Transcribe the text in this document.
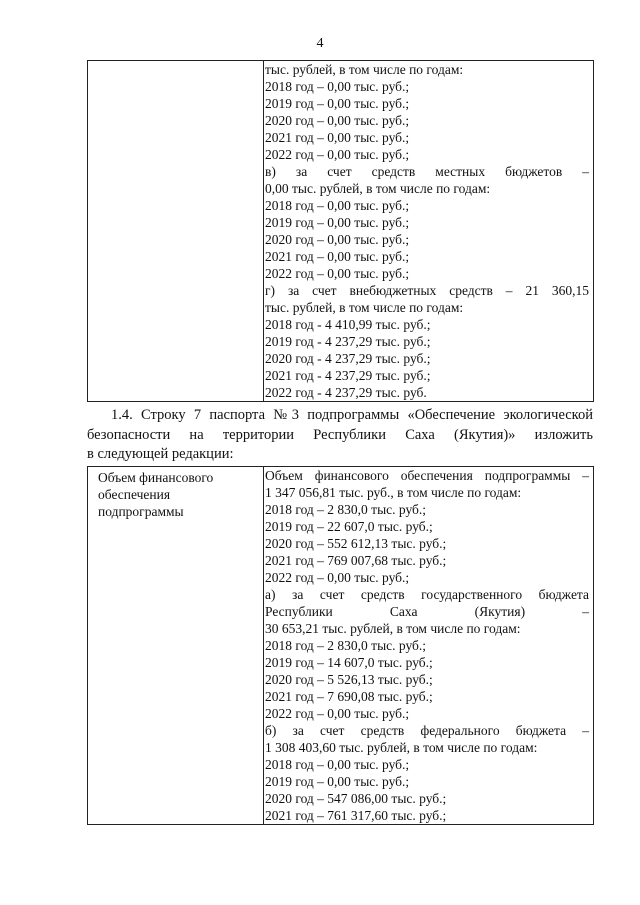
4

тыс. рублей, в том числе по годам:
2018 год – 0,00 тыс. руб.;
2019 год – 0,00 тыс. руб.;
2020 год – 0,00 тыс. руб.;
2021 год – 0,00 тыс. руб.;
2022 год – 0,00 тыс. руб.;
в) за счет средств местных бюджетов –
0,00 тыс. рублей, в том числе по годам:
2018 год – 0,00 тыс. руб.;
2019 год – 0,00 тыс. руб.;
2020 год – 0,00 тыс. руб.;
2021 год – 0,00 тыс. руб.;
2022 год – 0,00 тыс. руб.;
г) за счет внебюджетных средств – 21 360,15
тыс. рублей, в том числе по годам:
2018 год - 4 410,99 тыс. руб.;
2019 год - 4 237,29 тыс. руб.;
2020 год - 4 237,29 тыс. руб.;
2021 год - 4 237,29 тыс. руб.;
2022 год - 4 237,29 тыс. руб.
1.4. Строку 7 паспорта №3 подпрограммы «Обеспечение экологической
безопасности на территории Республики Саха (Якутия)» изложить
в следующей редакции:
Объем финансового обеспечения подпрограммы

Объем финансового обеспечения подпрограммы –
1 347 056,81 тыс. руб., в том числе по годам:
2018 год – 2 830,0 тыс. руб.;
2019 год – 22 607,0 тыс. руб.;
2020 год – 552 612,13 тыс. руб.;
2021 год – 769 007,68 тыс. руб.;
2022 год – 0,00 тыс. руб.;
а) за счет средств государственного бюджета
Республики Саха (Якутия) –
30 653,21 тыс. рублей, в том числе по годам:
2018 год – 2 830,0 тыс. руб.;
2019 год – 14 607,0 тыс. руб.;
2020 год – 5 526,13 тыс. руб.;
2021 год – 7 690,08 тыс. руб.;
2022 год – 0,00 тыс. руб.;
б) за счет средств федерального бюджета –
1 308 403,60 тыс. рублей, в том числе по годам:
2018 год – 0,00 тыс. руб.;
2019 год – 0,00 тыс. руб.;
2020 год – 547 086,00 тыс. руб.;
2021 год – 761 317,60 тыс. руб.;
